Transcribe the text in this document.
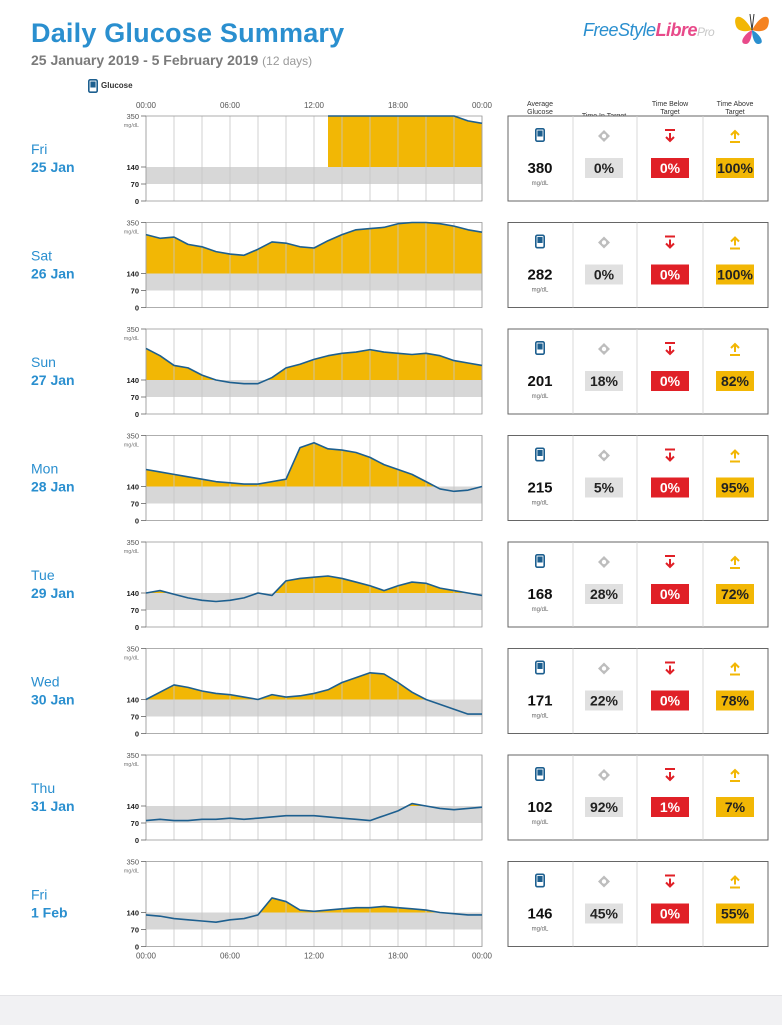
Daily Glucose Summary
25 January 2019 - 5 February 2019 (12 days)
FreeStyleLibrePro
Glucose
00:00	06:00	12:00	18:00	00:00	Average
Glucose
Time Below
Target
Time Above
Target
Fri
25 Jan
350
140
70
0
mg/dL
380
mg/dL
0%	0%	100%
Sat
26 Jan
350
140
70
0
mg/dL
282
mg/dL
0%	0%	100%
Sun
27 Jan
350
140
70
0
mg/dL
201
mg/dL
18%	0%	82%
Mon
28 Jan
350
140
70
0
mg/dL
215
mg/dL
5%	0%	95%
Tue
29 Jan
350
140
70
0
mg/dL
168
mg/dL
28%	0%	72%
Wed
30 Jan
350
140
70
0
mg/dL
171
mg/dL
22%	0%	78%
Thu
31 Jan
350
140
70
0
mg/dL
102
mg/dL
92%	1%	7%
Fri
1 Feb
350
140
70
0
mg/dL
146
mg/dL
45%	0%	55%
00:00	06:00	12:00	18:00	00:00
